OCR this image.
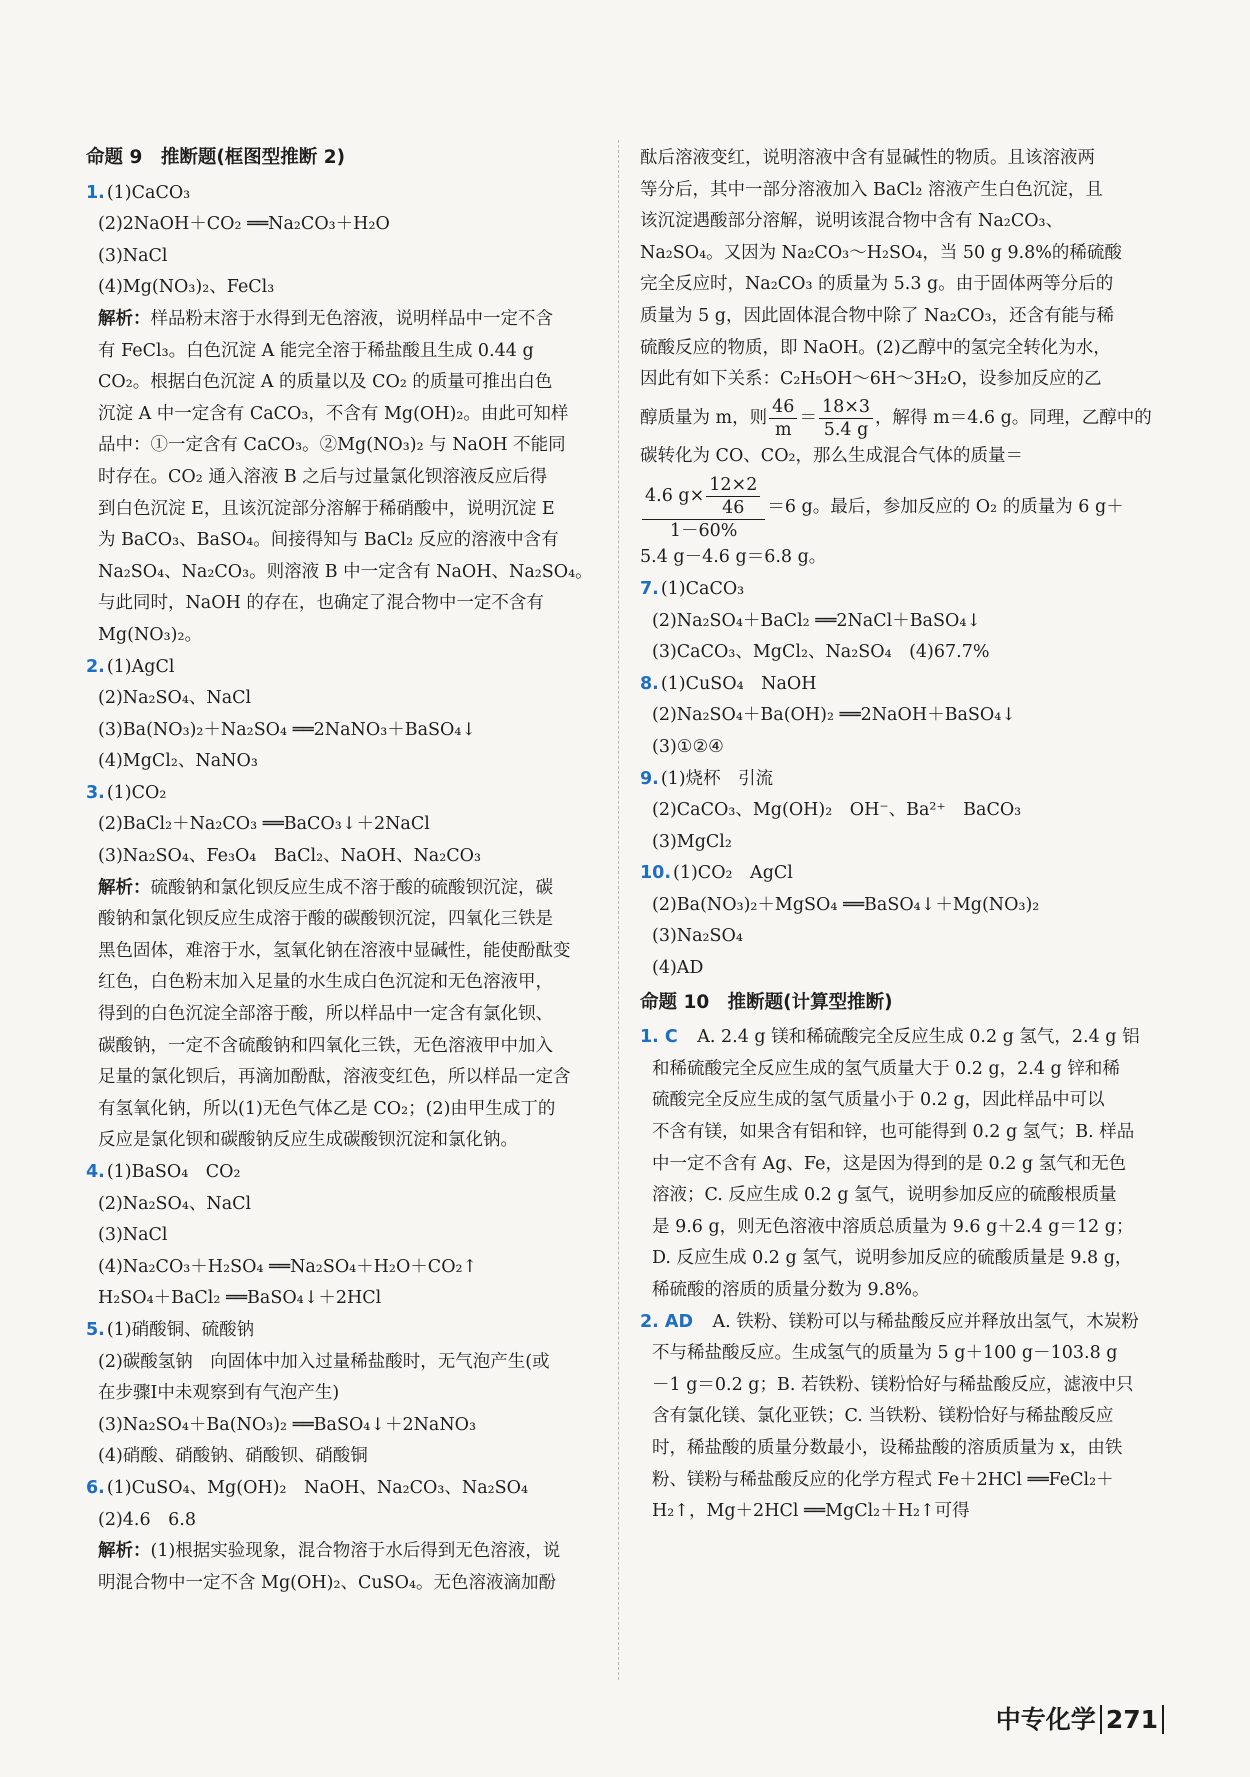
命题 9　推断题(框图型推断 2)

1. (1)CaCO₃

(2)2NaOH＋CO₂ ══Na₂CO₃＋H₂O

(3)NaCl

(4)Mg(NO₃)₂、FeCl₃

解析：样品粉末溶于水得到无色溶液，说明样品中一定不含

有 FeCl₃。白色沉淀 A 能完全溶于稀盐酸且生成 0.44 g

CO₂。根据白色沉淀 A 的质量以及 CO₂ 的质量可推出白色

沉淀 A 中一定含有 CaCO₃，不含有 Mg(OH)₂。由此可知样

品中：①一定含有 CaCO₃。②Mg(NO₃)₂ 与 NaOH 不能同

时存在。CO₂ 通入溶液 B 之后与过量氯化钡溶液反应后得

到白色沉淀 E，且该沉淀部分溶解于稀硝酸中，说明沉淀 E

为 BaCO₃、BaSO₄。间接得知与 BaCl₂ 反应的溶液中含有

Na₂SO₄、Na₂CO₃。则溶液 B 中一定含有 NaOH、Na₂SO₄。

与此同时，NaOH 的存在，也确定了混合物中一定不含有

Mg(NO₃)₂。

2. (1)AgCl

(2)Na₂SO₄、NaCl

(3)Ba(NO₃)₂＋Na₂SO₄ ══2NaNO₃＋BaSO₄↓

(4)MgCl₂、NaNO₃

3. (1)CO₂

(2)BaCl₂＋Na₂CO₃ ══BaCO₃↓＋2NaCl

(3)Na₂SO₄、Fe₃O₄　BaCl₂、NaOH、Na₂CO₃

解析：硫酸钠和氯化钡反应生成不溶于酸的硫酸钡沉淀，碳

酸钠和氯化钡反应生成溶于酸的碳酸钡沉淀，四氧化三铁是

黑色固体，难溶于水，氢氧化钠在溶液中显碱性，能使酚酞变

红色，白色粉末加入足量的水生成白色沉淀和无色溶液甲，

得到的白色沉淀全部溶于酸，所以样品中一定含有氯化钡、

碳酸钠，一定不含硫酸钠和四氧化三铁，无色溶液甲中加入

足量的氯化钡后，再滴加酚酞，溶液变红色，所以样品一定含

有氢氧化钠，所以(1)无色气体乙是 CO₂；(2)由甲生成丁的

反应是氯化钡和碳酸钠反应生成碳酸钡沉淀和氯化钠。

4. (1)BaSO₄　CO₂

(2)Na₂SO₄、NaCl

(3)NaCl

(4)Na₂CO₃＋H₂SO₄ ══Na₂SO₄＋H₂O＋CO₂↑

H₂SO₄＋BaCl₂ ══BaSO₄↓＋2HCl

5. (1)硝酸铜、硫酸钠

(2)碳酸氢钠　向固体中加入过量稀盐酸时，无气泡产生(或

在步骤Ⅰ中未观察到有气泡产生)

(3)Na₂SO₄＋Ba(NO₃)₂ ══BaSO₄↓＋2NaNO₃

(4)硝酸、硝酸钠、硝酸钡、硝酸铜

6. (1)CuSO₄、Mg(OH)₂　NaOH、Na₂CO₃、Na₂SO₄

(2)4.6　6.8

解析：(1)根据实验现象，混合物溶于水后得到无色溶液，说

明混合物中一定不含 Mg(OH)₂、CuSO₄。无色溶液滴加酚

酞后溶液变红，说明溶液中含有显碱性的物质。且该溶液两

等分后，其中一部分溶液加入 BaCl₂ 溶液产生白色沉淀，且

该沉淀遇酸部分溶解，说明该混合物中含有 Na₂CO₃、

Na₂SO₄。又因为 Na₂CO₃～H₂SO₄，当 50 g 9.8%的稀硫酸

完全反应时，Na₂CO₃ 的质量为 5.3 g。由于固体两等分后的

质量为 5 g，因此固体混合物中除了 Na₂CO₃，还含有能与稀

硫酸反应的物质，即 NaOH。(2)乙醇中的氢完全转化为水，

因此有如下关系：C₂H₅OH～6H～3H₂O，设参加反应的乙

醇质量为 m，则 $\frac{46}{m} = \frac{18\times 3}{5.4 g}$ ，解得 m＝4.6 g。同理，乙醇中的

碳转化为 CO、CO₂，那么生成混合气体的质量＝

$\frac{4.6 g\times \frac{12\times 2}{46}}{1-60\%} =6$ g。最后，参加反应的 O₂ 的质量为 6 g＋

5.4 g－4.6 g＝6.8 g。

7. (1)CaCO₃

(2)Na₂SO₄＋BaCl₂ ══2NaCl＋BaSO₄↓

(3)CaCO₃、MgCl₂、Na₂SO₄　(4)67.7%

8. (1)CuSO₄　NaOH

(2)Na₂SO₄＋Ba(OH)₂ ══2NaOH＋BaSO₄↓

(3)①②④

9. (1)烧杯　引流

(2)CaCO₃、Mg(OH)₂　OH⁻、Ba²⁺　BaCO₃

(3)MgCl₂

10. (1)CO₂　AgCl

(2)Ba(NO₃)₂＋MgSO₄ ══BaSO₄↓＋Mg(NO₃)₂

(3)Na₂SO₄

(4)AD

命题 10　推断题(计算型推断)

1. C　 A. 2.4 g 镁和稀硫酸完全反应生成 0.2 g 氢气，2.4 g 铝

和稀硫酸完全反应生成的氢气质量大于 0.2 g，2.4 g 锌和稀

硫酸完全反应生成的氢气质量小于 0.2 g，因此样品中可以

不含有镁，如果含有铝和锌，也可能得到 0.2 g 氢气；B. 样品

中一定不含有 Ag、Fe，这是因为得到的是 0.2 g 氢气和无色

溶液；C. 反应生成 0.2 g 氢气，说明参加反应的硫酸根质量

是 9.6 g，则无色溶液中溶质总质量为 9.6 g＋2.4 g＝12 g；

D. 反应生成 0.2 g 氢气，说明参加反应的硫酸质量是 9.8 g，

稀硫酸的溶质的质量分数为 9.8%。

2. AD　 A. 铁粉、镁粉可以与稀盐酸反应并释放出氢气，木炭粉

不与稀盐酸反应。生成氢气的质量为 5 g＋100 g－103.8 g

－1 g＝0.2 g；B. 若铁粉、镁粉恰好与稀盐酸反应，滤液中只

含有氯化镁、氯化亚铁；C. 当铁粉、镁粉恰好与稀盐酸反应

时，稀盐酸的质量分数最小，设稀盐酸的溶质质量为 x，由铁

粉、镁粉与稀盐酸反应的化学方程式 Fe＋2HCl ══FeCl₂＋

H₂↑，Mg＋2HCl ══MgCl₂＋H₂↑可得

中专化学 271
